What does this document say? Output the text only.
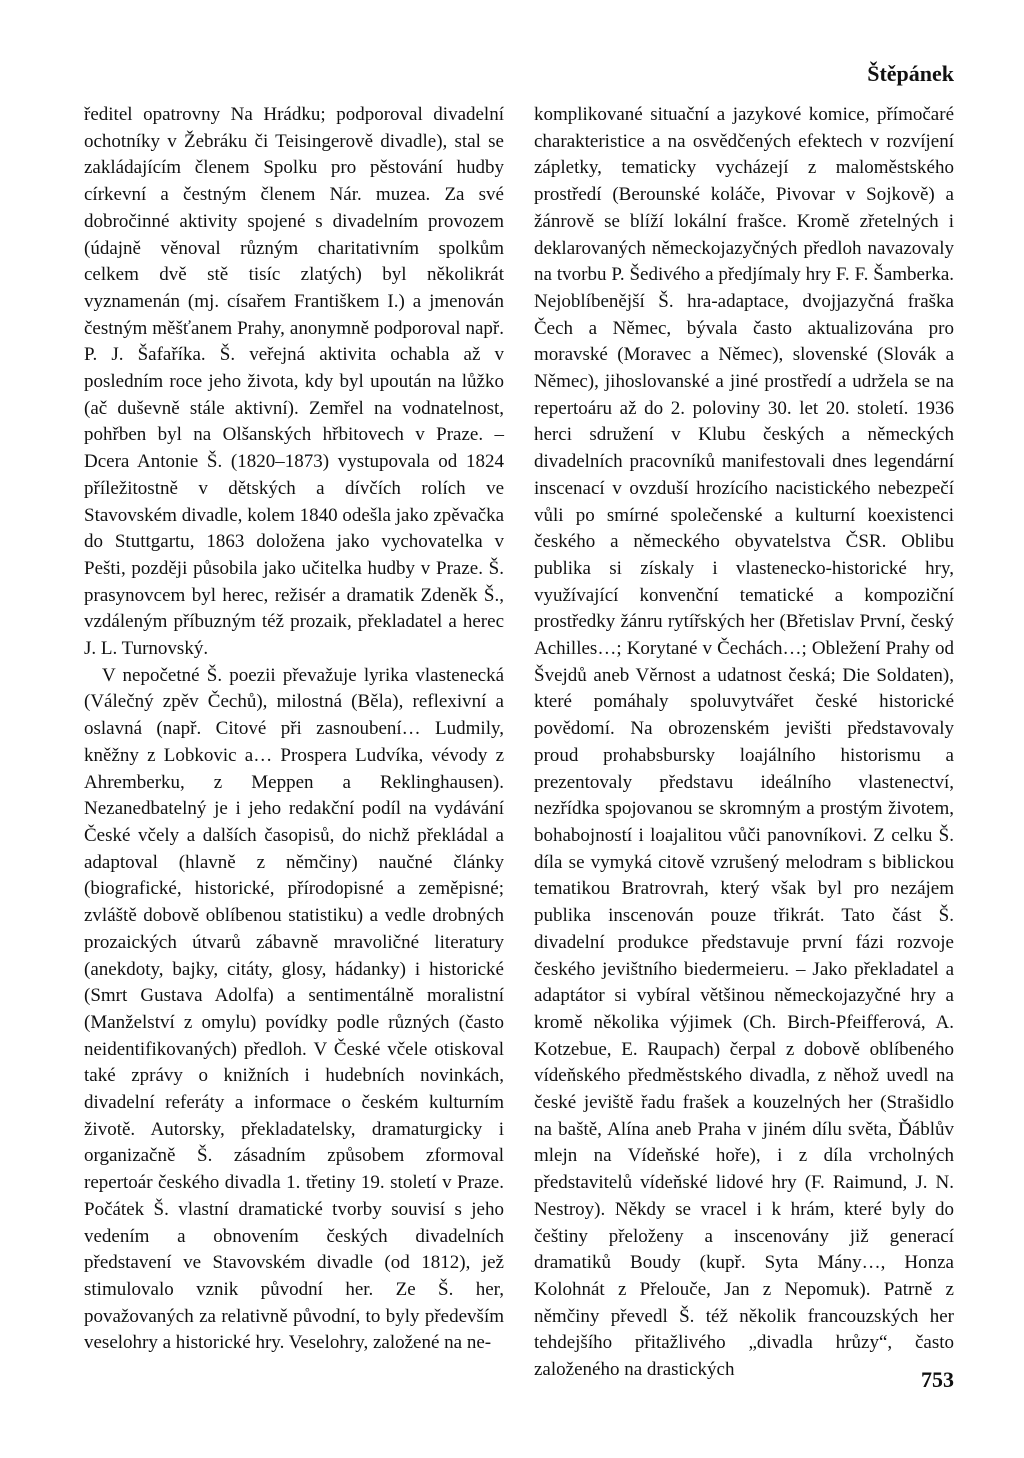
Štěpánek

ředitel opatrovny Na Hrádku; podporoval divadelní ochotníky v Žebráku či Teisingerově divadle), stal se zakládajícím členem Spolku pro pěstování hudby církevní a čestným členem Nár. muzea. Za své dobročinné aktivity spojené s divadelním provozem (údajně věnoval různým charitativním spolkům celkem dvě stě tisíc zlatých) byl několikrát vyznamenán (mj. císařem Františkem I.) a jmenován čestným měšťanem Prahy, anonymně podporoval např. P. J. Šafaříka. Š. veřejná aktivita ochabla až v posledním roce jeho života, kdy byl upoután na lůžko (ač duševně stále aktivní). Zemřel na vodnatelnost, pohřben byl na Olšanských hřbitovech v Praze. – Dcera Antonie Š. (1820–1873) vystupovala od 1824 příležitostně v dětských a dívčích rolích ve Stavovském divadle, kolem 1840 odešla jako zpěvačka do Stuttgartu, 1863 doložena jako vychovatelka v Pešti, později působila jako učitelka hudby v Praze. Š. prasynovcem byl herec, režisér a dramatik Zdeněk Š., vzdáleným příbuzným též prozaik, překladatel a herec J. L. Turnovský.

V nepočetné Š. poezii převažuje lyrika vlastenecká (Válečný zpěv Čechů), milostná (Běla), reflexivní a oslavná (např. Citové při zasnoubení… Ludmily, kněžny z Lobkovic a… Prospera Ludvíka, vévody z Ahremberku, z Meppen a Reklinghausen). Nezanedbatelný je i jeho redakční podíl na vydávání České včely a dalších časopisů, do nichž překládal a adaptoval (hlavně z němčiny) naučné články (biografické, historické, přírodopisné a zeměpisné; zvláště dobově oblíbenou statistiku) a vedle drobných prozaických útvarů zábavně mravoličné literatury (anekdoty, bajky, citáty, glosy, hádanky) i historické (Smrt Gustava Adolfa) a sentimentálně moralistní (Manželství z omylu) povídky podle různých (často neidentifikovaných) předloh. V České včele otiskoval také zprávy o knižních i hudebních novinkách, divadelní referáty a informace o českém kulturním životě. Autorsky, překladatelsky, dramaturgicky i organizačně Š. zásadním způsobem zformoval repertoár českého divadla 1. třetiny 19. století v Praze. Počátek Š. vlastní dramatické tvorby souvisí s jeho vedením a obnovením českých divadelních představení ve Stavovském divadle (od 1812), jež stimulovalo vznik původní her. Ze Š. her, považovaných za relativně původní, to byly především veselohry a historické hry. Veselohry, založené na ne-

komplikované situační a jazykové komice, přímočaré charakteristice a na osvědčených efektech v rozvíjení zápletky, tematicky vycházejí z maloměstského prostředí (Berounské koláče, Pivovar v Sojkově) a žánrově se blíží lokální frašce. Kromě zřetelných i deklarovaných německojazyčných předloh navazovaly na tvorbu P. Šedivého a předjímaly hry F. F. Šamberka. Nejoblíbenější Š. hra-adaptace, dvojjazyčná fraška Čech a Němec, bývala často aktualizována pro moravské (Moravec a Němec), slovenské (Slovák a Němec), jihoslovanské a jiné prostředí a udržela se na repertoáru až do 2. poloviny 30. let 20. století. 1936 herci sdružení v Klubu českých a německých divadelních pracovníků manifestovali dnes legendární inscenací v ovzduší hrozícího nacistického nebezpečí vůli po smírné společenské a kulturní koexistenci českého a německého obyvatelstva ČSR. Oblibu publika si získaly i vlastenecko-historické hry, využívající konvenční tematické a kompoziční prostředky žánru rytířských her (Břetislav První, český Achilles…; Korytané v Čechách…; Obležení Prahy od Švejdů aneb Věrnost a udatnost česká; Die Soldaten), které pomáhaly spoluvytvářet české historické povědomí. Na obrozenském jevišti představovaly proud prohabsbursky loajálního historismu a prezentovaly představu ideálního vlastenectví, nezřídka spojovanou se skromným a prostým životem, bohabojností i loajalitou vůči panovníkovi. Z celku Š. díla se vymyká citově vzrušený melodram s biblickou tematikou Bratrovrah, který však byl pro nezájem publika inscenován pouze třikrát. Tato část Š. divadelní produkce představuje první fázi rozvoje českého jevištního biedermeieru. – Jako překladatel a adaptátor si vybíral většinou německojazyčné hry a kromě několika výjimek (Ch. Birch-Pfeifferová, A. Kotzebue, E. Raupach) čerpal z dobově oblíbeného vídeňského předměstského divadla, z něhož uvedl na české jeviště řadu frašek a kouzelných her (Strašidlo na baště, Alína aneb Praha v jiném dílu světa, Ďáblův mlejn na Vídeňské hoře), i z díla vrcholných představitelů vídeňské lidové hry (F. Raimund, J. N. Nestroy). Někdy se vracel i k hrám, které byly do češtiny přeloženy a inscenovány již generací dramatiků Boudy (kupř. Syta Mány…, Honza Kolohnát z Přelouče, Jan z Nepomuk). Patrně z němčiny převedl Š. též několik francouzských her tehdejšího přitažlivého „divadla hrůzy“, často založeného na drastických	753
